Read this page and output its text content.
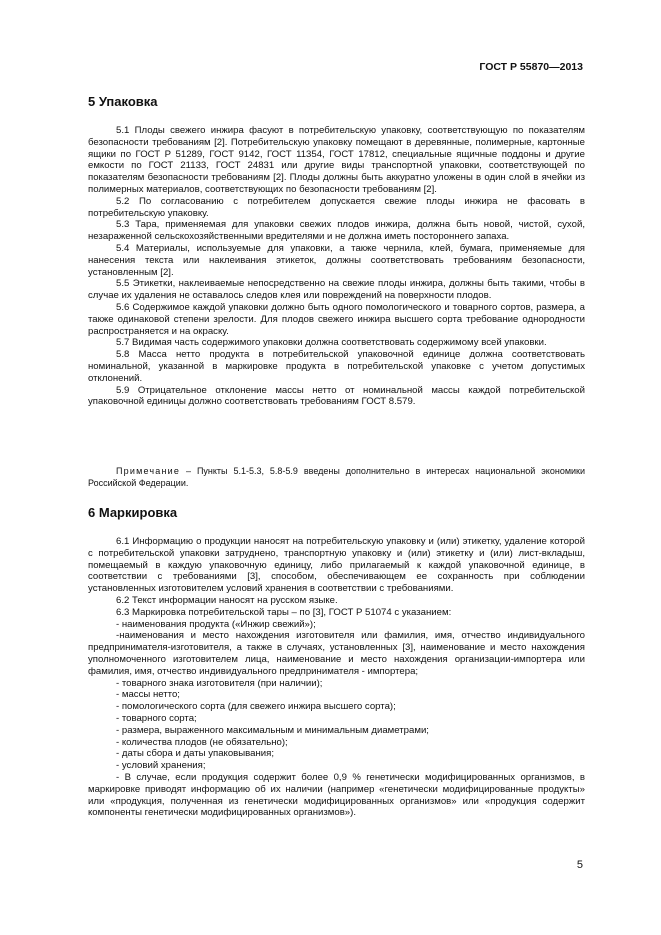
ГОСТ Р 55870—2013
5 Упаковка

5.1 Плоды свежего инжира фасуют в потребительскую упаковку, соответствующую по показателям безопасности требованиям [2]. Потребительскую упаковку помещают в деревянные, полимерные, картонные ящики по ГОСТ Р 51289, ГОСТ 9142, ГОСТ 11354, ГОСТ 17812, специальные ящичные поддоны и другие емкости по ГОСТ 21133, ГОСТ 24831 или другие виды транспортной упаковки, соответствующей по показателям безопасности требованиям [2]. Плоды должны быть аккуратно уложены в один слой в ячейки из полимерных материалов, соответствующих по безопасности требованиям [2].

5.2 По согласованию с потребителем допускается свежие плоды инжира не фасовать в потребительскую упаковку.

5.3 Тара, применяемая для упаковки свежих плодов инжира, должна быть новой, чистой, сухой, незараженной сельскохозяйственными вредителями и не должна иметь постороннего запаха.

5.4 Материалы, используемые для упаковки, а также чернила, клей, бумага, применяемые для нанесения текста или наклеивания этикеток, должны соответствовать требованиям безопасности, установленным [2].

5.5 Этикетки, наклеиваемые непосредственно на свежие плоды инжира, должны быть такими, чтобы в случае их удаления не оставалось следов клея или повреждений на поверхности плодов.

5.6 Содержимое каждой упаковки должно быть одного помологического и товарного сортов, размера, а также одинаковой степени зрелости. Для плодов свежего инжира высшего сорта требование однородности распространяется и на окраску.

5.7 Видимая часть содержимого упаковки должна соответствовать содержимому всей упаковки.

5.8 Масса нетто продукта в потребительской упаковочной единице должна соответствовать номинальной, указанной в маркировке продукта в потребительской упаковке с учетом допустимых отклонений.

5.9 Отрицательное отклонение массы нетто от номинальной массы каждой потребительской упаковочной единицы должно соответствовать требованиям ГОСТ 8.579.

Примечание – Пункты 5.1-5.3, 5.8-5.9 введены дополнительно в интересах национальной экономики Российской Федерации.

6 Маркировка

6.1 Информацию о продукции наносят на потребительскую упаковку и (или) этикетку, удаление которой с потребительской упаковки затруднено, транспортную упаковку и (или) этикетку и (или) лист-вкладыш, помещаемый в каждую упаковочную единицу, либо прилагаемый к каждой упаковочной единице, в соответствии с требованиями [3], способом, обеспечивающем ее сохранность при соблюдении установленных изготовителем условий хранения в соответствии с требованиями.

6.2 Текст информации наносят на русском языке.

6.3 Маркировка потребительской тары – по [3], ГОСТ Р 51074 с указанием:

- наименования продукта («Инжир свежий»);

-наименования и место нахождения изготовителя или фамилия, имя, отчество индивидуального предпринимателя-изготовителя, а также в случаях, установленных [3], наименование и место нахождения уполномоченного изготовителем лица, наименование и место нахождения организации-импортера или фамилия, имя, отчество индивидуального предпринимателя - импортера;

- товарного знака изготовителя (при наличии);

- массы нетто;

- помологического сорта (для свежего инжира высшего сорта);

- товарного сорта;

- размера, выраженного максимальным и минимальным диаметрами;

- количества плодов (не обязательно);

- даты сбора и даты упаковывания;

- условий хранения;

- В случае, если продукция содержит более 0,9 % генетически модифицированных организмов, в маркировке приводят информацию об их наличии (например «генетически модифицированные продукты» или «продукция, полученная из генетически модифицированных организмов» или «продукция содержит компоненты генетически модифицированных организмов»).

5
